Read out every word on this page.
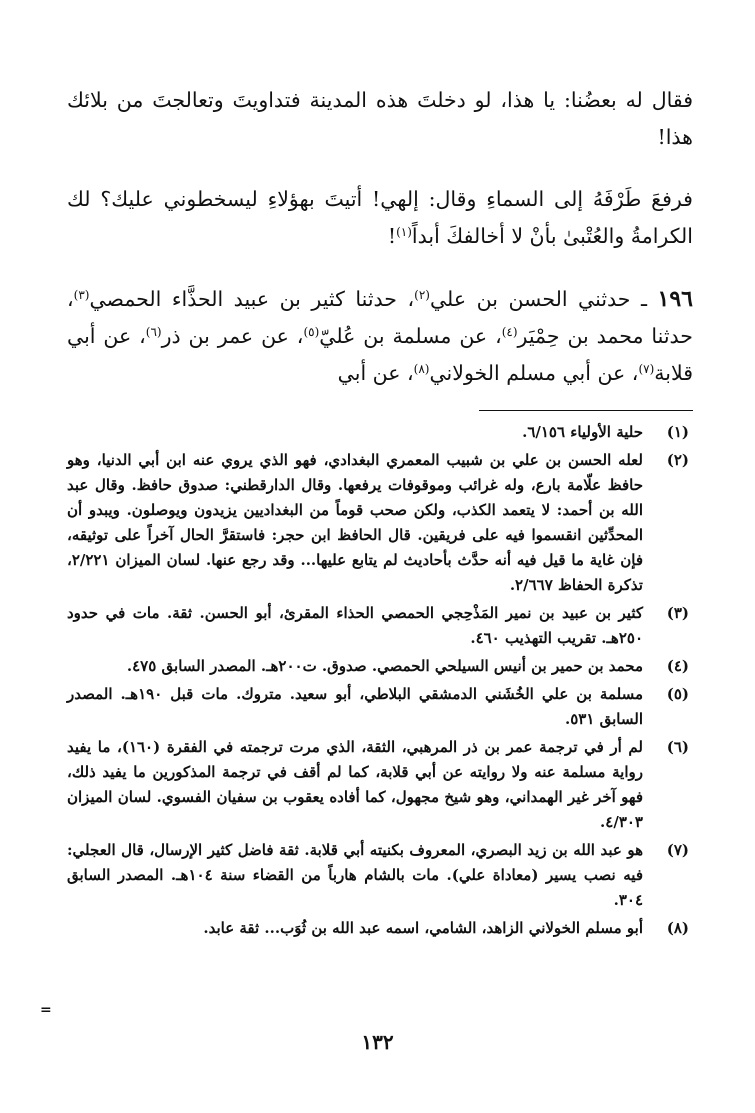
فقال له بعضُنا: يا هذا، لو دخلتَ هذه المدينة فتداويتَ وتعالجتَ من بلائك هذا!

فرفعَ طَرْفَهُ إلى السماءِ وقال: إلهي! أتيتَ بهؤلاءِ ليسخطوني عليك؟ لك الكرامةُ والعُتْبىٰ بأنْ لا أخالفكَ أبداً$^{(١)}$!

١٩٦ ـ حدثني الحسن بن علي$^{(٢)}$، حدثنا كثير بن عبيد الحذَّاء الحمصي$^{(٣)}$، حدثنا محمد بن حِمْيَر$^{(٤)}$، عن مسلمة بن عُليّ$^{(٥)}$، عن عمر بن ذر$^{(٦)}$، عن أبي قلابة$^{(٧)}$، عن أبي مسلم الخولاني$^{(٨)}$، عن أبي

(١)
حلية الأولياء ٦/١٥٦.
(٢)
لعله الحسن بن علي بن شبيب المعمري البغدادي، فهو الذي يروي عنه ابن أبي الدنيا، وهو حافظ علّامة بارع، وله غرائب وموقوفات يرفعها. وقال الدارقطني: صدوق حافظ. وقال عبد الله بن أحمد: لا يتعمد الكذب، ولكن صحب قوماً من البغداديين يزيدون ويوصلون. ويبدو أن المحدِّثين انقسموا فيه على فريقين. قال الحافظ ابن حجر: فاستقرَّ الحال آخراً على توثيقه، فإن غاية ما قيل فيه أنه حدَّث بأحاديث لم يتابع عليها... وقد رجع عنها. لسان الميزان ٢/٢٢١، تذكرة الحفاظ ٢/٦٦٧.
(٣)
كثير بن عبيد بن نمير المَذْحِجي الحمصي الحذاء المقرئ، أبو الحسن. ثقة. مات في حدود ٢٥٠هـ. تقريب التهذيب ٤٦٠.
(٤)
محمد بن حمير بن أنيس السيلحي الحمصي. صدوق. ت٢٠٠هـ. المصدر السابق ٤٧٥.
(٥)
مسلمة بن علي الخُشَني الدمشقي البلاطي، أبو سعيد. متروك. مات قبل ١٩٠هـ. المصدر السابق ٥٣١.
(٦)
لم أر في ترجمة عمر بن ذر المرهبي، الثقة، الذي مرت ترجمته في الفقرة (١٦٠)، ما يفيد رواية مسلمة عنه ولا روايته عن أبي قلابة، كما لم أقف في ترجمة المذكورين ما يفيد ذلك، فهو آخر غير الهمداني، وهو شيخ مجهول، كما أفاده يعقوب بن سفيان الفسوي. لسان الميزان ٤/٣٠٣.
(٧)
هو عبد الله بن زيد البصري، المعروف بكنيته أبي قلابة. ثقة فاضل كثير الإرسال، قال العجلي: فيه نصب يسير (معاداة علي). مات بالشام هارباً من القضاء سنة ١٠٤هـ. المصدر السابق ٣٠٤.
(٨)
أبو مسلم الخولاني الزاهد، الشامي، اسمه عبد الله بن ثُوَب... ثقة عابد.
=
١٣٢
